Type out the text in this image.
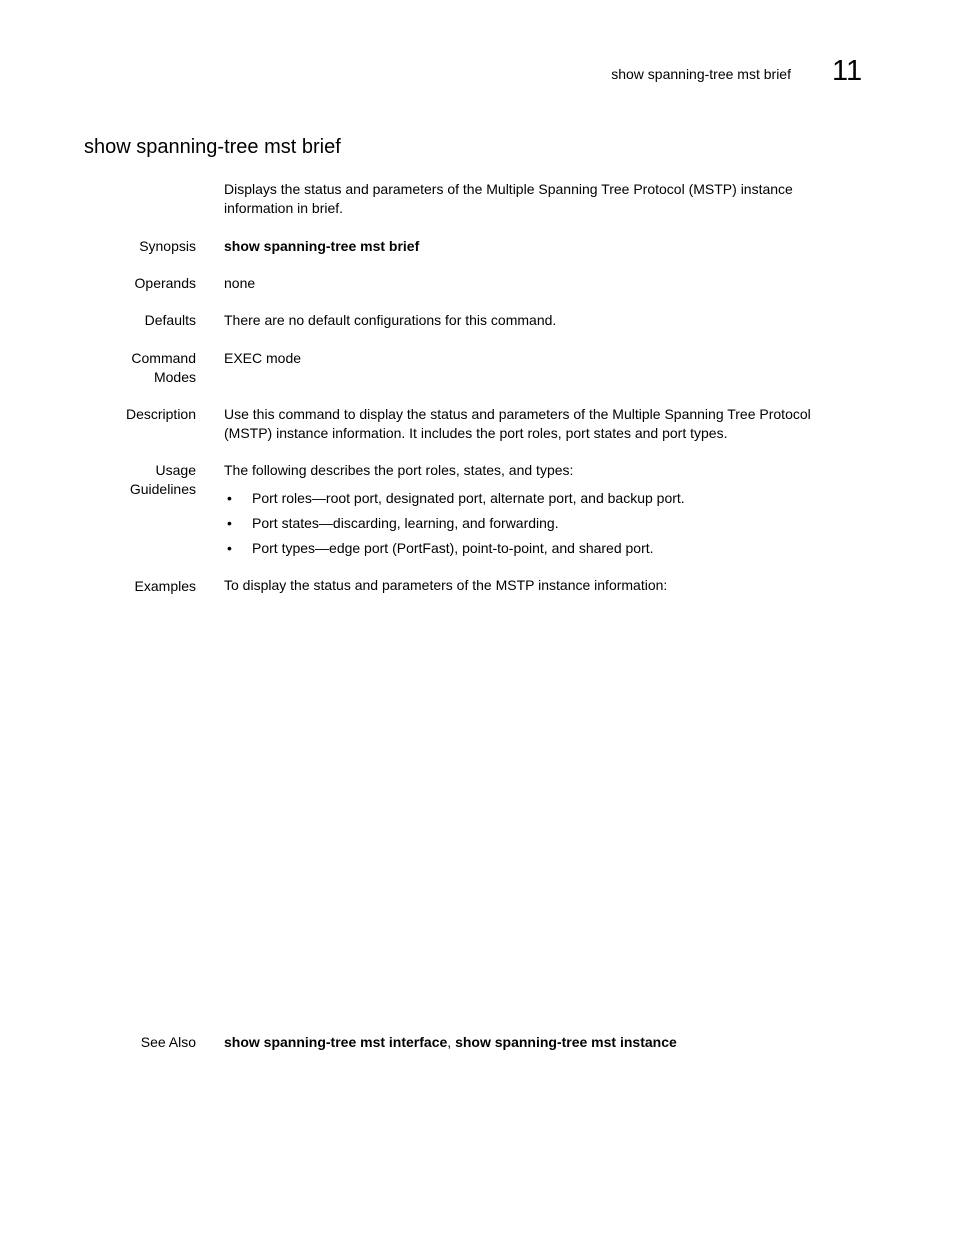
show spanning-tree mst brief 11
show spanning-tree mst brief
Displays the status and parameters of the Multiple Spanning Tree Protocol (MSTP) instance information in brief.
Synopsis show spanning-tree mst brief
Operands none
Defaults There are no default configurations for this command.
Command
Modes
EXEC mode
Description Use this command to display the status and parameters of the Multiple Spanning Tree Protocol (MSTP) instance information. It includes the port roles, port states and port types.
Usage
Guidelines
The following describes the port roles, states, and types:
• Port roles—root port, designated port, alternate port, and backup port.
• Port states—discarding, learning, and forwarding.
• Port types—edge port (PortFast), point-to-point, and shared port.
Examples To display the status and parameters of the MSTP instance information:
See Also show spanning-tree mst interface, show spanning-tree mst instance
